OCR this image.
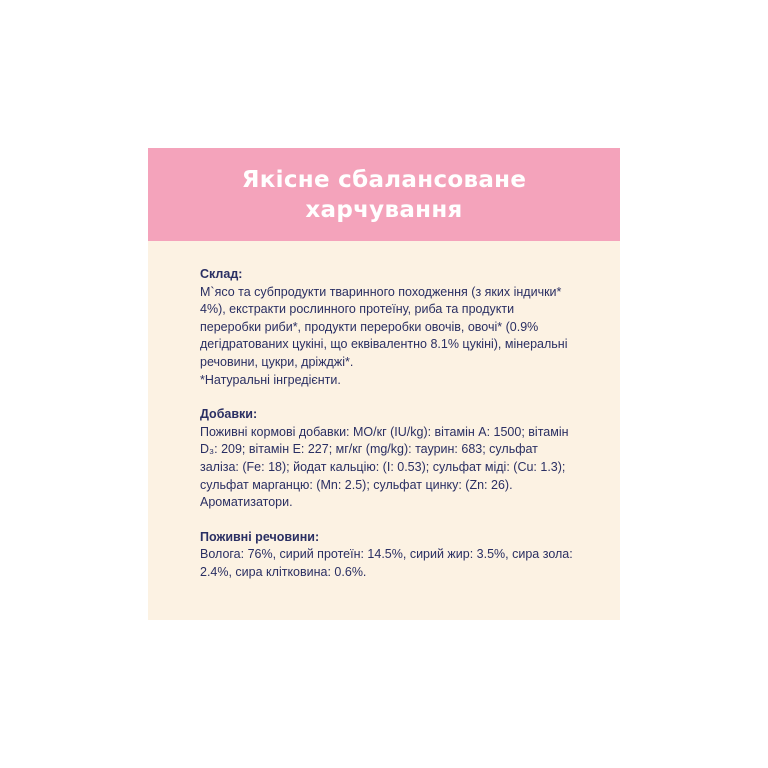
Якісне сбалансоване
харчування
Склад:
М`ясо та субпродукти тваринного походження (з яких індички*
4%), екстракти рослинного протеїну, риба та продукти
переробки риби*, продукти переробки овочів, овочі* (0.9%
дегідратованих цукіні, що еквівалентно 8.1% цукіні), мінеральні
речовини, цукри, дріжджі*.
*Натуральні інгредієнти.
Добавки:
Поживні кормові добавки: МО/кг (IU/kg): вітамін A: 1500; вітамін
D₃: 209; вітамін E: 227; мг/кг (mg/kg): таурин: 683; сульфат
заліза: (Fe: 18); йодат кальцію: (I: 0.53); сульфат міді: (Cu: 1.3);
сульфат марганцю: (Mn: 2.5); сульфат цинку: (Zn: 26).
Ароматизатори.
Поживні речовини:
Волога: 76%, сирий протеїн: 14.5%, сирий жир: 3.5%, сира зола:
2.4%, сира клітковина: 0.6%.
